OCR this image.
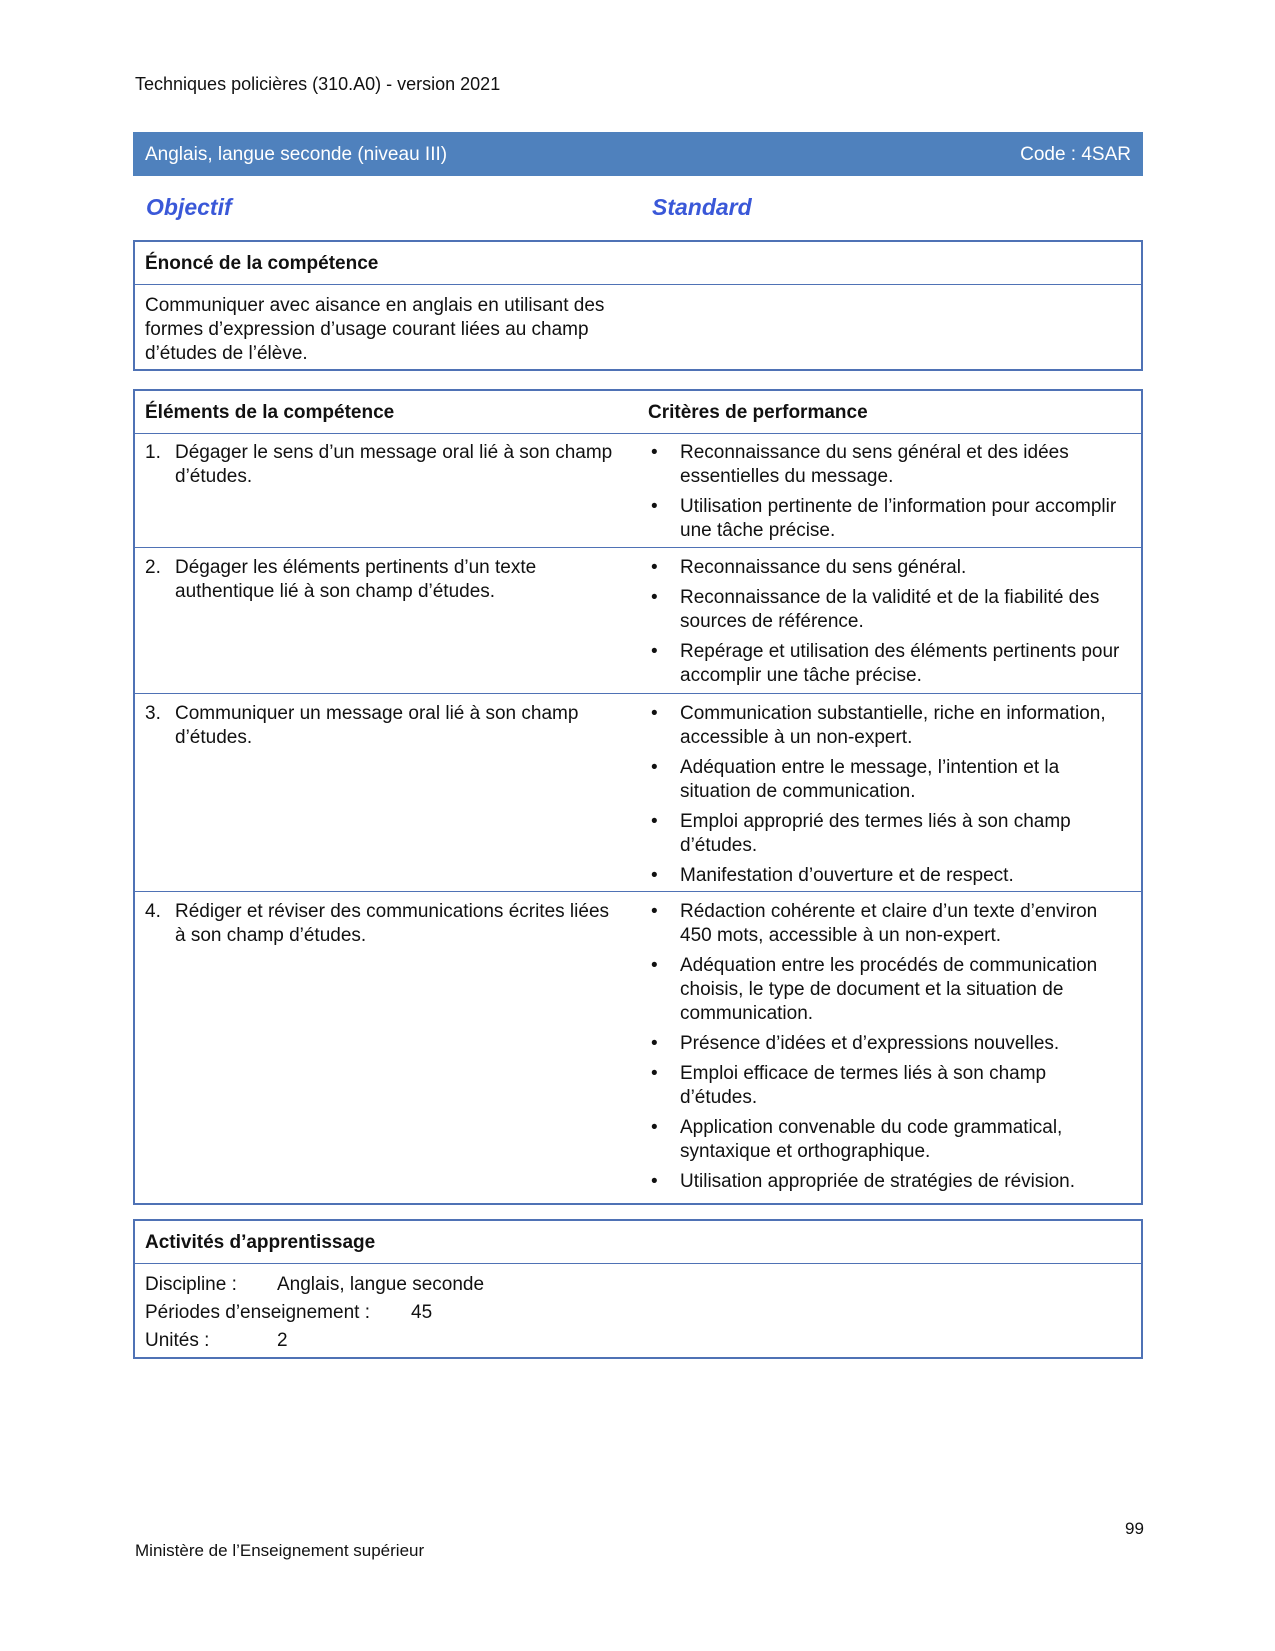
Techniques policières (310.A0) - version 2021
Anglais, langue seconde (niveau III)	Code : 4SAR
Objectif	Standard
Énoncé de la compétence
Communiquer avec aisance en anglais en utilisant des formes d’expression d’usage courant liées au champ d’études de l’élève.
Éléments de la compétence	Critères de performance
1. Dégager le sens d’un message oral lié à son champ d’études.
• Reconnaissance du sens général et des idées essentielles du message.
• Utilisation pertinente de l’information pour accomplir une tâche précise.
2. Dégager les éléments pertinents d’un texte authentique lié à son champ d’études.
• Reconnaissance du sens général.
• Reconnaissance de la validité et de la fiabilité des sources de référence.
• Repérage et utilisation des éléments pertinents pour accomplir une tâche précise.
3. Communiquer un message oral lié à son champ d’études.
• Communication substantielle, riche en information, accessible à un non-expert.
• Adéquation entre le message, l’intention et la situation de communication.
• Emploi approprié des termes liés à son champ d’études.
• Manifestation d’ouverture et de respect.
4. Rédiger et réviser des communications écrites liées à son champ d’études.
• Rédaction cohérente et claire d’un texte d’environ 450 mots, accessible à un non-expert.
• Adéquation entre les procédés de communication choisis, le type de document et la situation de communication.
• Présence d’idées et d’expressions nouvelles.
• Emploi efficace de termes liés à son champ d’études.
• Application convenable du code grammatical, syntaxique et orthographique.
• Utilisation appropriée de stratégies de révision.
Activités d’apprentissage
Discipline : Anglais, langue seconde
Périodes d’enseignement : 45
Unités :	2
99
Ministère de l’Enseignement supérieur
